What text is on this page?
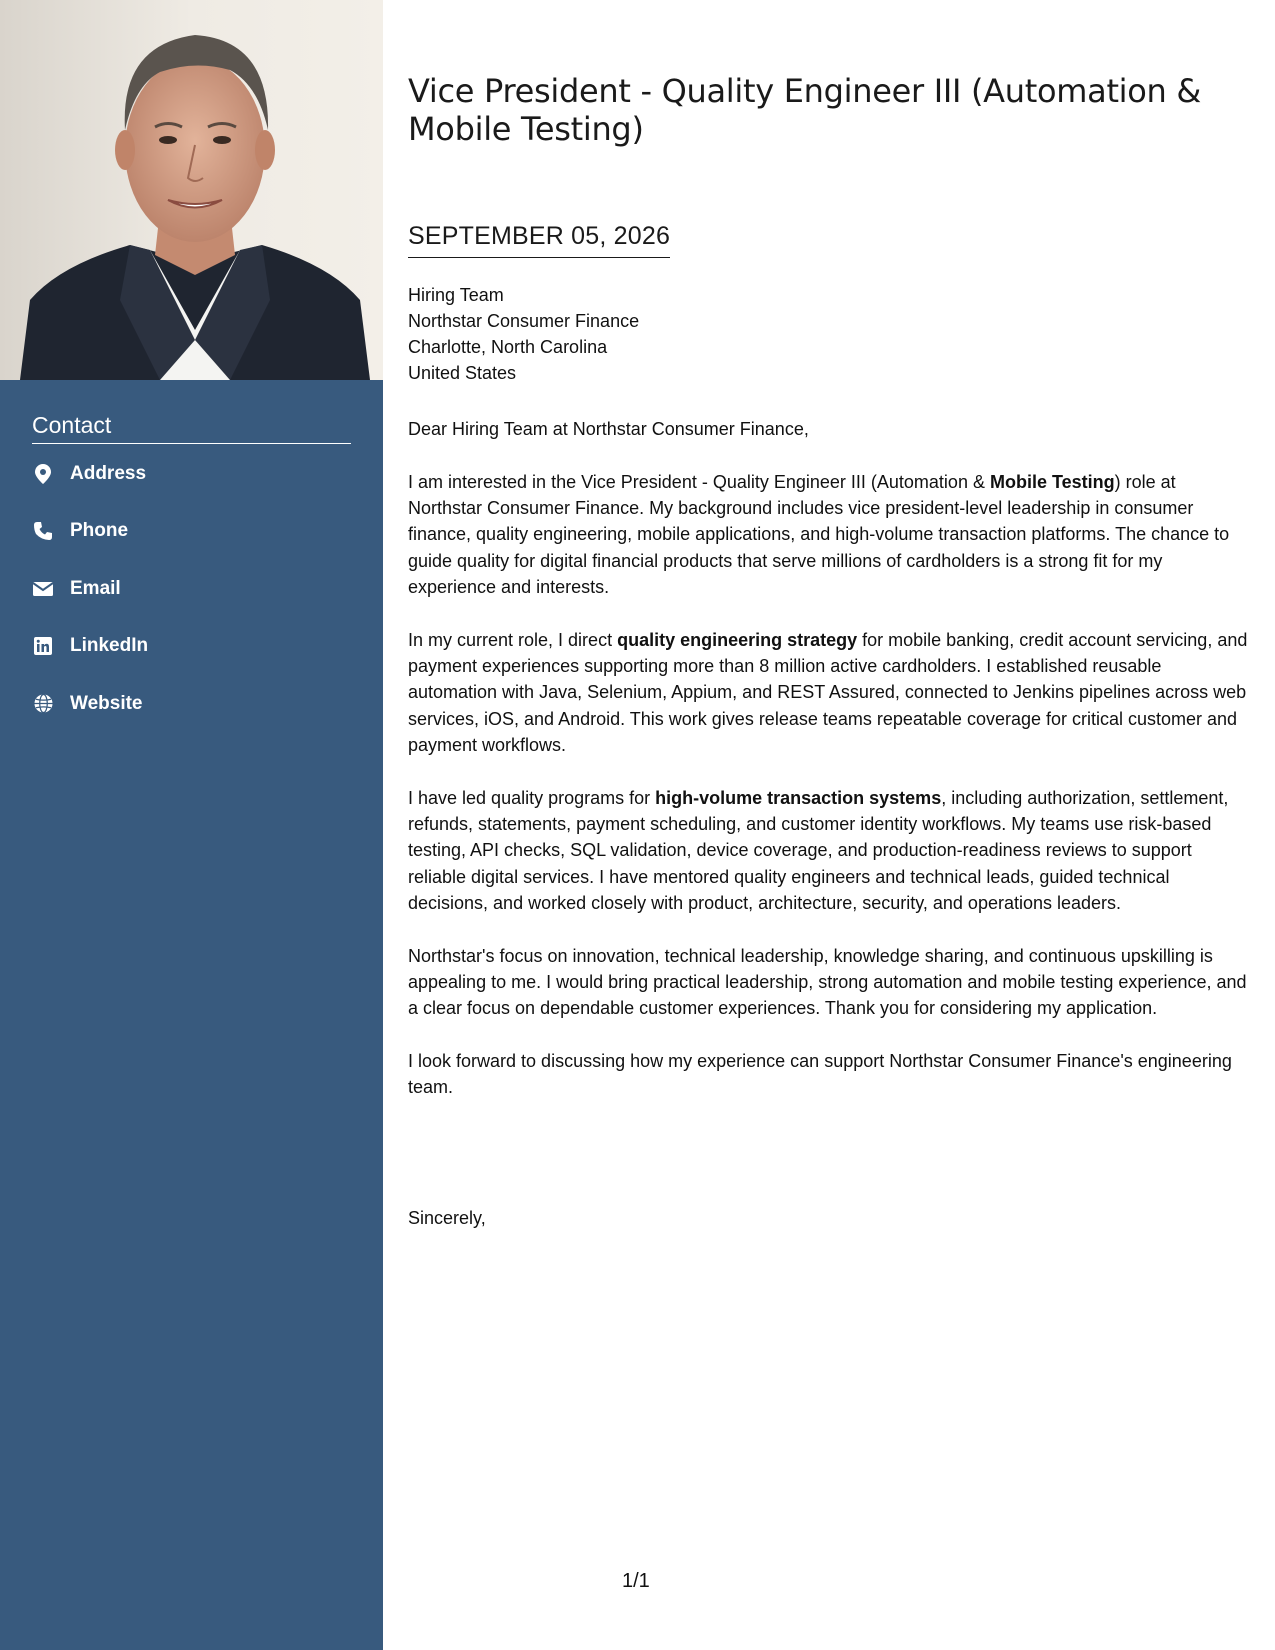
Contact
Address
Phone
Email
LinkedIn
Website
Vice President - Quality Engineer III (Automation & Mobile Testing)
SEPTEMBER 05, 2026
Hiring Team
Northstar Consumer Finance
Charlotte, North Carolina
United States

Dear Hiring Team at Northstar Consumer Finance,

I am interested in the Vice President - Quality Engineer III (Automation & Mobile Testing) role at Northstar Consumer Finance. My background includes vice president-level leadership in consumer finance, quality engineering, mobile applications, and high-volume transaction platforms. The chance to guide quality for digital financial products that serve millions of cardholders is a strong fit for my experience and interests.

In my current role, I direct quality engineering strategy for mobile banking, credit account servicing, and payment experiences supporting more than 8 million active cardholders. I established reusable automation with Java, Selenium, Appium, and REST Assured, connected to Jenkins pipelines across web services, iOS, and Android. This work gives release teams repeatable coverage for critical customer and payment workflows.

I have led quality programs for high-volume transaction systems, including authorization, settlement, refunds, statements, payment scheduling, and customer identity workflows. My teams use risk-based testing, API checks, SQL validation, device coverage, and production-readiness reviews to support reliable digital services. I have mentored quality engineers and technical leads, guided technical decisions, and worked closely with product, architecture, security, and operations leaders.

Northstar's focus on innovation, technical leadership, knowledge sharing, and continuous upskilling is appealing to me. I would bring practical leadership, strong automation and mobile testing experience, and a clear focus on dependable customer experiences. Thank you for considering my application.

I look forward to discussing how my experience can support Northstar Consumer Finance's engineering team.

Sincerely,
1/1
